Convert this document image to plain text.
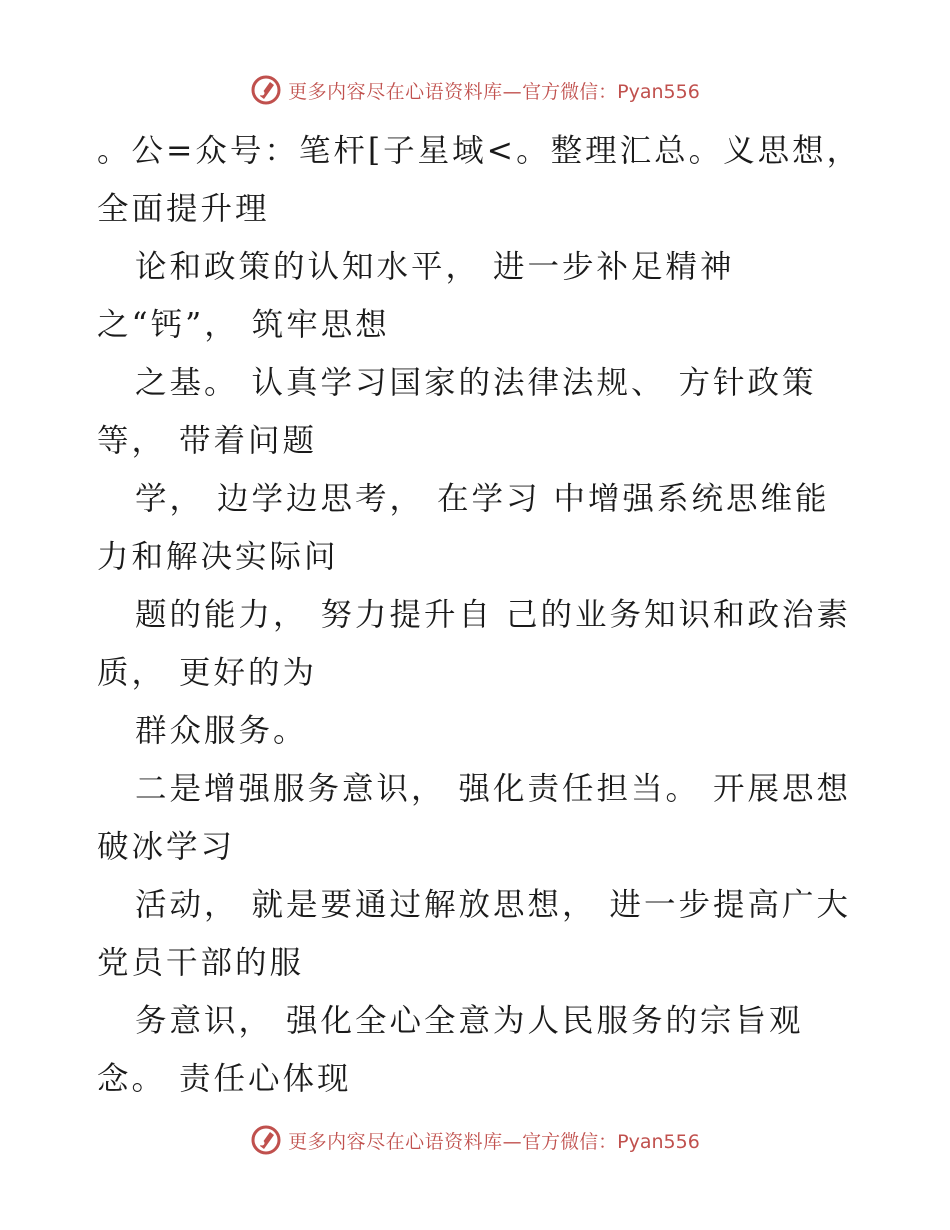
更多内容尽在心语资料库— 官方微信：Pyan556
。公=众号：笔杆[子星域<。整理汇总。义思想，
全面提升理
论和政策的认知水平， 进一步补足精神
之“钙”， 筑牢思想
之基。 认真学习国家的法律法规、 方针政策
等， 带着问题
学， 边学边思考， 在学习 中增强系统思维能
力和解决实际问
题的能力， 努力提升自 己的业务知识和政治素
质， 更好的为
群众服务。
二是增强服务意识， 强化责任担当。 开展思想
破冰学习
活动， 就是要通过解放思想， 进一步提高广大
党员干部的服
务意识， 强化全心全意为人民服务的宗旨观
念。 责任心体现
更多内容尽在心语资料库— 官方微信：Pyan556
